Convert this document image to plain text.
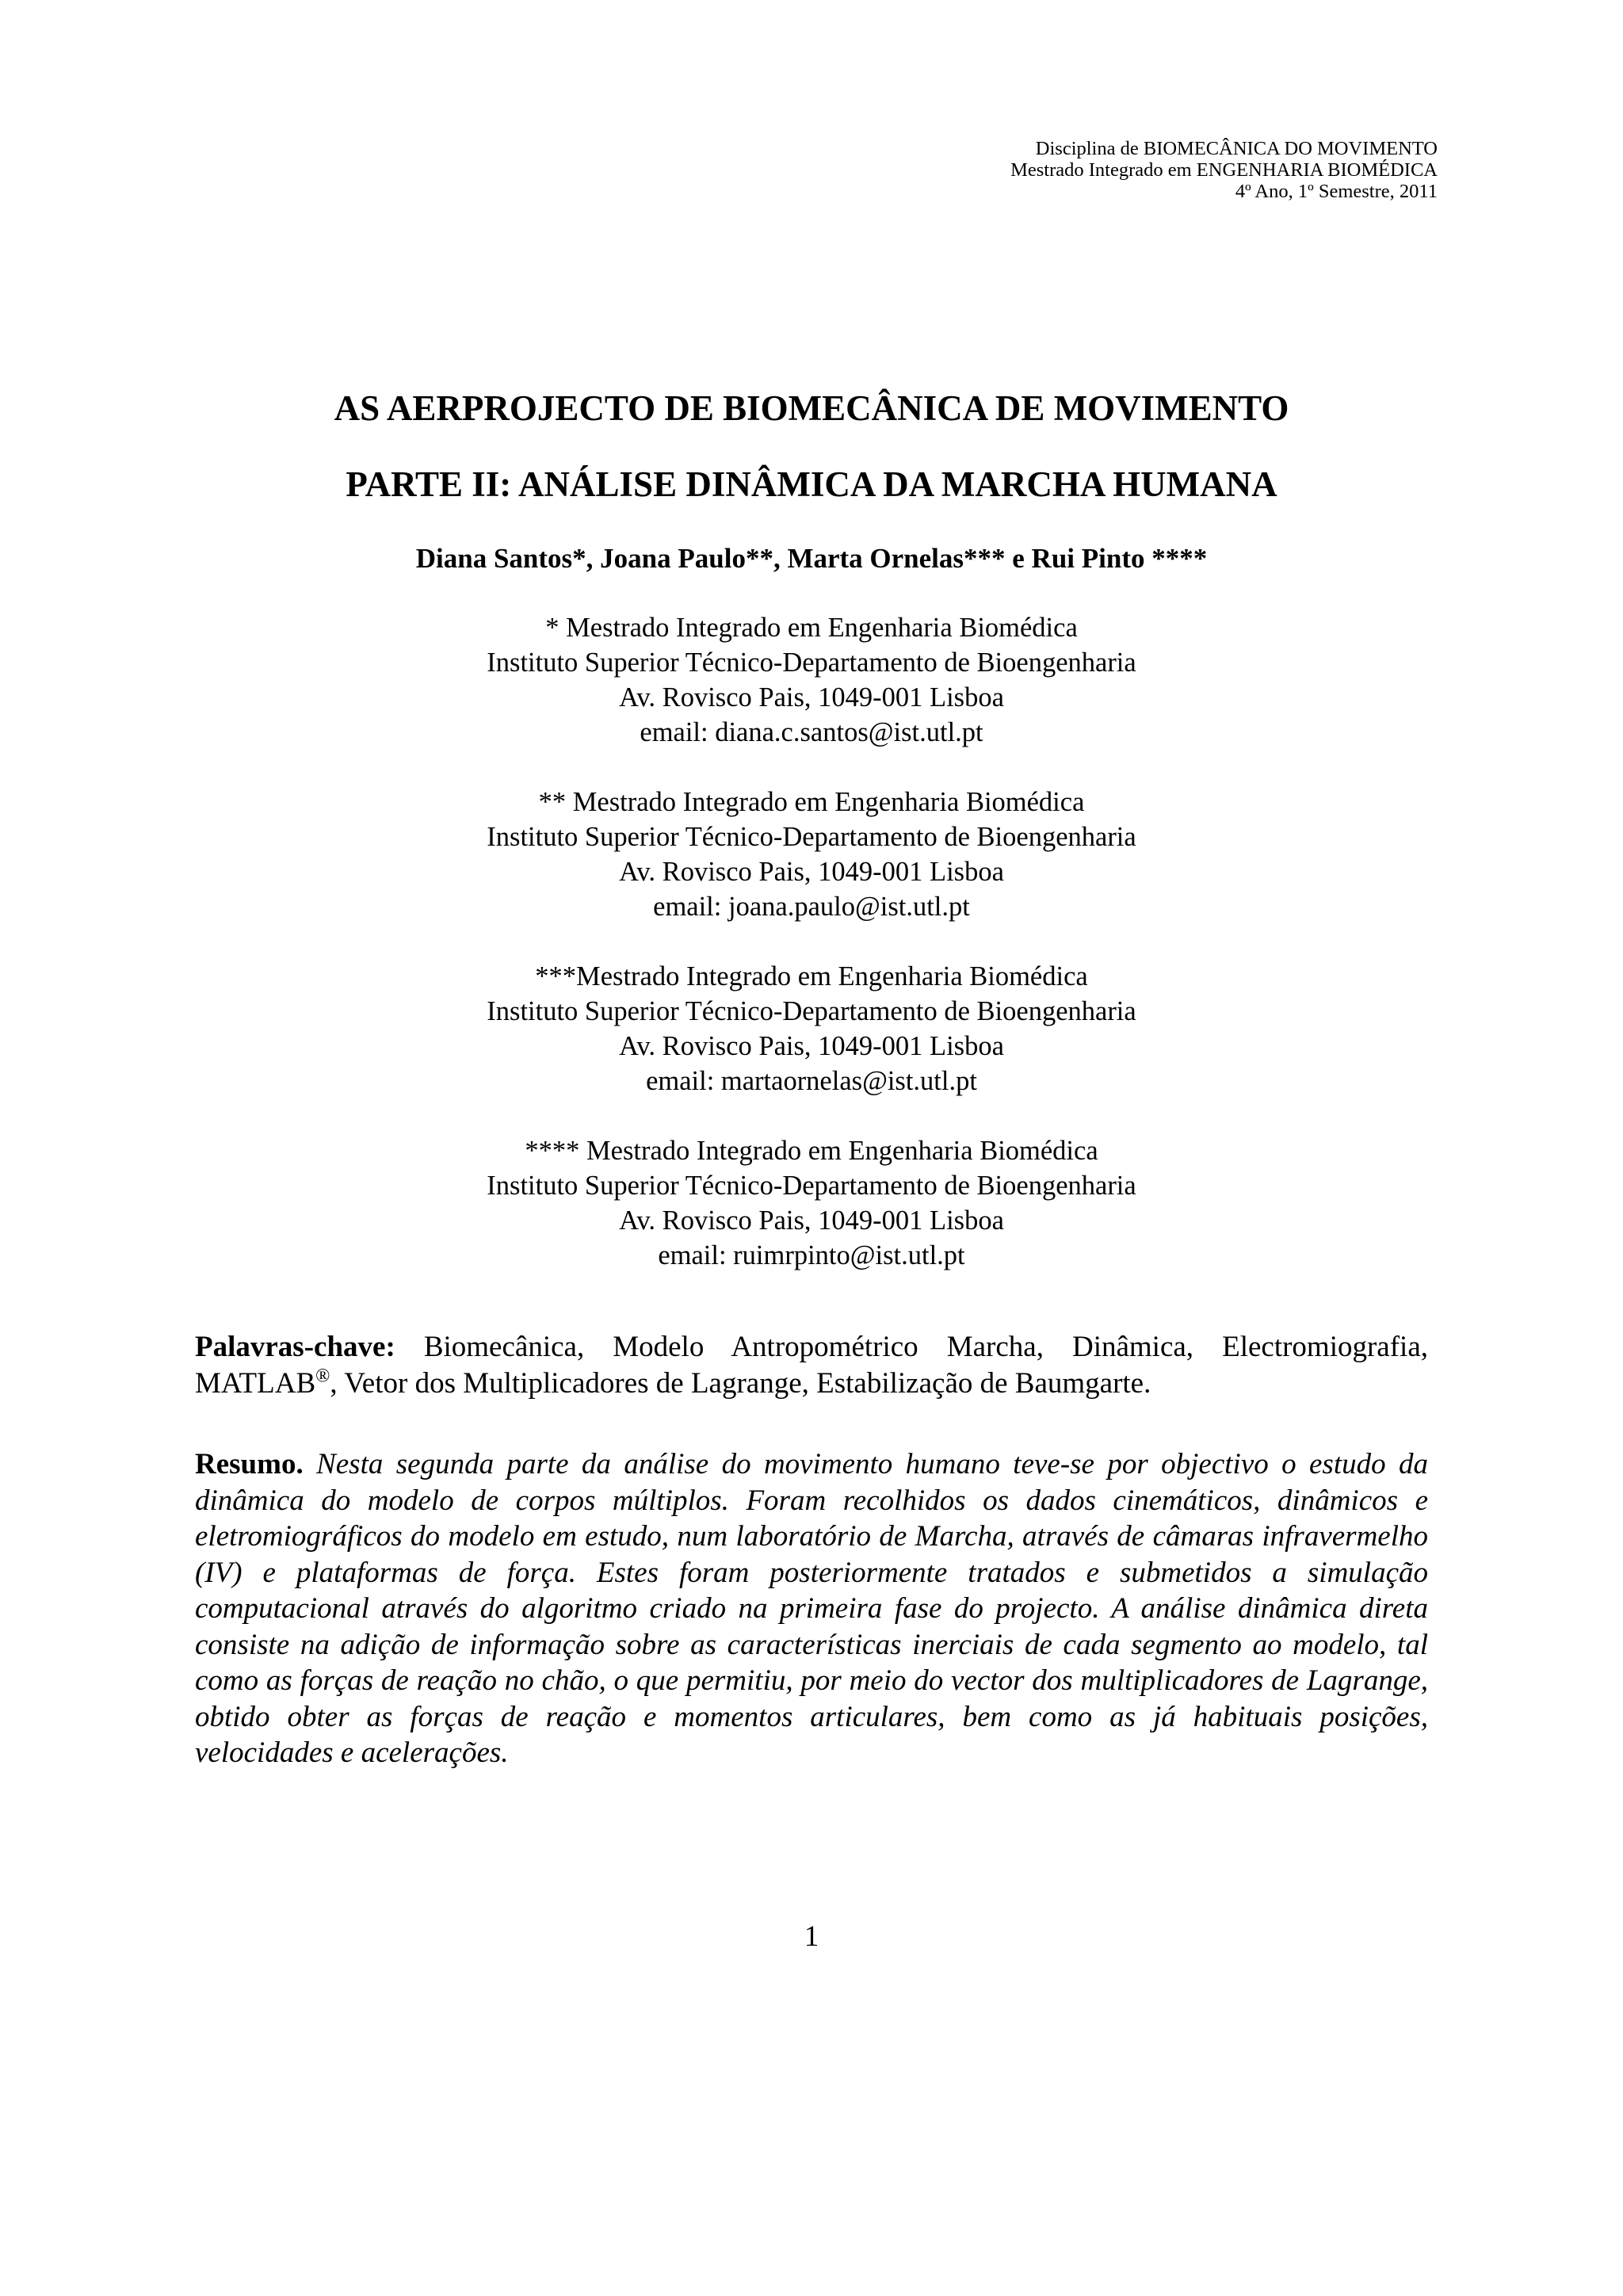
Disciplina de BIOMECÂNICA DO MOVIMENTO
Mestrado Integrado em ENGENHARIA BIOMÉDICA
4º Ano, 1º Semestre, 2011
AS AERPROJECTO DE BIOMECÂNICA DE MOVIMENTO
PARTE II: ANÁLISE DINÂMICA DA MARCHA HUMANA
Diana Santos*, Joana Paulo**, Marta Ornelas*** e Rui Pinto ****
* Mestrado Integrado em Engenharia Biomédica
Instituto Superior Técnico-Departamento de Bioengenharia
Av. Rovisco Pais, 1049-001 Lisboa
email: diana.c.santos@ist.utl.pt
** Mestrado Integrado em Engenharia Biomédica
Instituto Superior Técnico-Departamento de Bioengenharia
Av. Rovisco Pais, 1049-001 Lisboa
email: joana.paulo@ist.utl.pt
***Mestrado Integrado em Engenharia Biomédica
Instituto Superior Técnico-Departamento de Bioengenharia
Av. Rovisco Pais, 1049-001 Lisboa
email: martaornelas@ist.utl.pt
**** Mestrado Integrado em Engenharia Biomédica
Instituto Superior Técnico-Departamento de Bioengenharia
Av. Rovisco Pais, 1049-001 Lisboa
email: ruimrpinto@ist.utl.pt

Palavras-chave: Biomecânica, Modelo Antropométrico Marcha, Dinâmica, Electromiografia, MATLAB®, Vetor dos Multiplicadores de Lagrange, Estabilização de Baumgarte.

Resumo. Nesta segunda parte da análise do movimento humano teve-se por objectivo o estudo da dinâmica do modelo de corpos múltiplos. Foram recolhidos os dados cinemáticos, dinâmicos e eletromiográficos do modelo em estudo, num laboratório de Marcha, através de câmaras infravermelho (IV) e plataformas de força. Estes foram posteriormente tratados e submetidos a simulação computacional através do algoritmo criado na primeira fase do projecto. A análise dinâmica direta consiste na adição de informação sobre as características inerciais de cada segmento ao modelo, tal como as forças de reação no chão, o que permitiu, por meio do vector dos multiplicadores de Lagrange, obtido obter as forças de reação e momentos articulares, bem como as já habituais posições, velocidades e acelerações.

1
